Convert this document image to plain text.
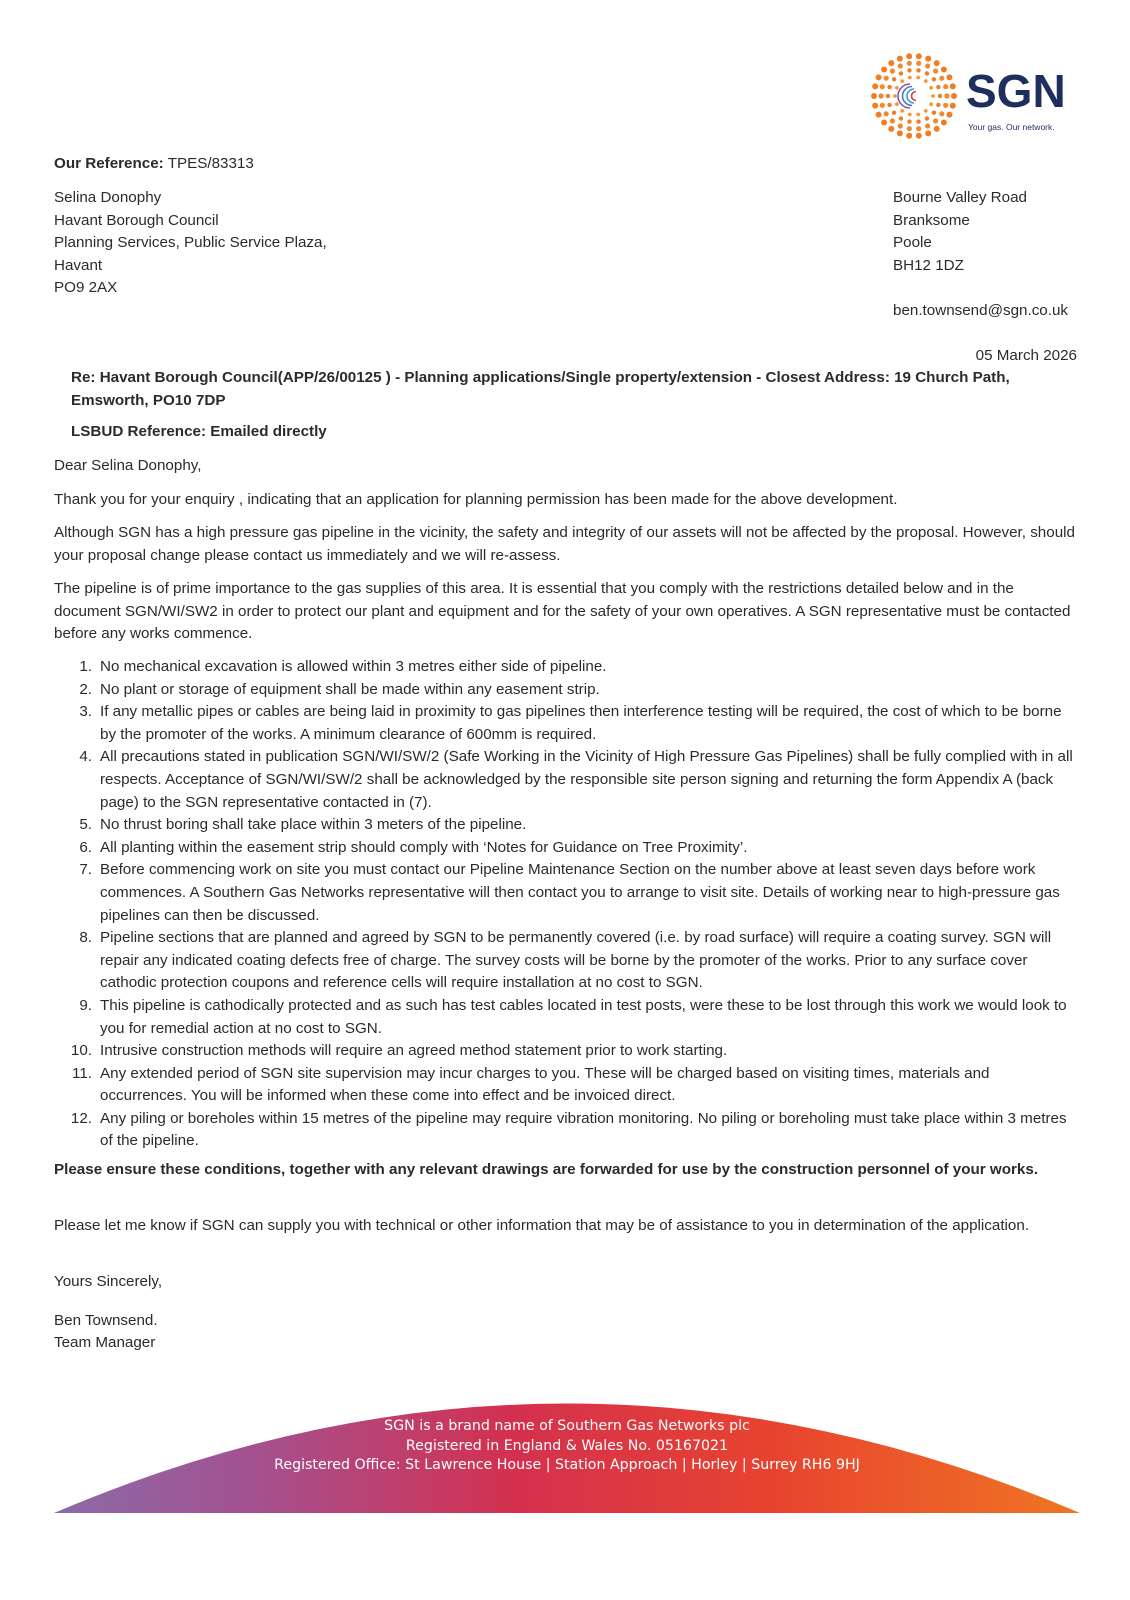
SGN
Your gas. Our network.
Our Reference: TPES/83313
Selina Donophy
Havant Borough Council
Planning Services, Public Service Plaza,
Havant
PO9 2AX
Bourne Valley Road
Branksome
Poole
BH12 1DZ
ben.townsend@sgn.co.uk
05 March 2026
Re: Havant Borough Council(APP/26/00125 ) - Planning applications/Single property/extension - Closest Address: 19 Church Path, Emsworth, PO10 7DP
LSBUD Reference: Emailed directly

Dear Selina Donophy,

Thank you for your enquiry , indicating that an application for planning permission has been made for the above development.

Although SGN has a high pressure gas pipeline in the vicinity, the safety and integrity of our assets will not be affected by the proposal. However, should your proposal change please contact us immediately and we will re-assess.

The pipeline is of prime importance to the gas supplies of this area. It is essential that you comply with the restrictions detailed below and in the document SGN/WI/SW2 in order to protect our plant and equipment and for the safety of your own operatives. A SGN representative must be contacted before any works commence.

1. No mechanical excavation is allowed within 3 metres either side of pipeline.
2. No plant or storage of equipment shall be made within any easement strip.
3. If any metallic pipes or cables are being laid in proximity to gas pipelines then interference testing will be required, the cost of which to be borne by the promoter of the works. A minimum clearance of 600mm is required.
4. All precautions stated in publication SGN/WI/SW/2 (Safe Working in the Vicinity of High Pressure Gas Pipelines) shall be fully complied with in all respects. Acceptance of SGN/WI/SW/2 shall be acknowledged by the responsible site person signing and returning the form Appendix A (back page) to the SGN representative contacted in (7).
5. No thrust boring shall take place within 3 meters of the pipeline.
6. All planting within the easement strip should comply with ‘Notes for Guidance on Tree Proximity’.
7. Before commencing work on site you must contact our Pipeline Maintenance Section on the number above at least seven days before work commences. A Southern Gas Networks representative will then contact you to arrange to visit site. Details of working near to high-pressure gas pipelines can then be discussed.
8. Pipeline sections that are planned and agreed by SGN to be permanently covered (i.e. by road surface) will require a coating survey. SGN will repair any indicated coating defects free of charge. The survey costs will be borne by the promoter of the works. Prior to any surface cover cathodic protection coupons and reference cells will require installation at no cost to SGN.
9. This pipeline is cathodically protected and as such has test cables located in test posts, were these to be lost through this work we would look to you for remedial action at no cost to SGN.
10. Intrusive construction methods will require an agreed method statement prior to work starting.
11. Any extended period of SGN site supervision may incur charges to you. These will be charged based on visiting times, materials and occurrences. You will be informed when these come into effect and be invoiced direct.
12. Any piling or boreholes within 15 metres of the pipeline may require vibration monitoring. No piling or boreholing must take place within 3 metres of the pipeline.

Please ensure these conditions, together with any relevant drawings are forwarded for use by the construction personnel of your works.

Please let me know if SGN can supply you with technical or other information that may be of assistance to you in determination of the application.

Yours Sincerely,

Ben Townsend.

Team Manager

SGN is a brand name of Southern Gas Networks plc
Registered in England & Wales No. 05167021
Registered Office: St Lawrence House | Station Approach | Horley | Surrey RH6 9HJ
